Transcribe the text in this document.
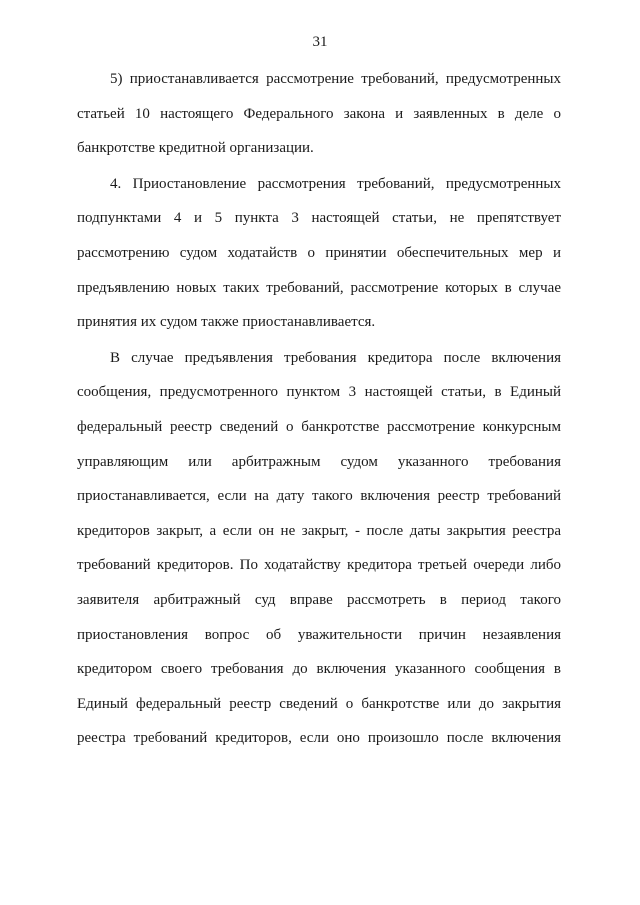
31

5) приостанавливается рассмотрение требований, предусмотренных статьей 10 настоящего Федерального закона и заявленных в деле о банкротстве кредитной организации.

4. Приостановление рассмотрения требований, предусмотренных подпунктами 4 и 5 пункта 3 настоящей статьи, не препятствует рассмотрению судом ходатайств о принятии обеспечительных мер и предъявлению новых таких требований, рассмотрение которых в случае принятия их судом также приостанавливается.

В случае предъявления требования кредитора после включения сообщения, предусмотренного пунктом 3 настоящей статьи, в Единый федеральный реестр сведений о банкротстве рассмотрение конкурсным управляющим или арбитражным судом указанного требования приостанавливается, если на дату такого включения реестр требований кредиторов закрыт, а если он не закрыт, - после даты закрытия реестра требований кредиторов. По ходатайству кредитора третьей очереди либо заявителя арбитражный суд вправе рассмотреть в период такого приостановления вопрос об уважительности причин незаявления кредитором своего требования до включения указанного сообщения в Единый федеральный реестр сведений о банкротстве или до закрытия реестра требований кредиторов, если оно произошло после включения
